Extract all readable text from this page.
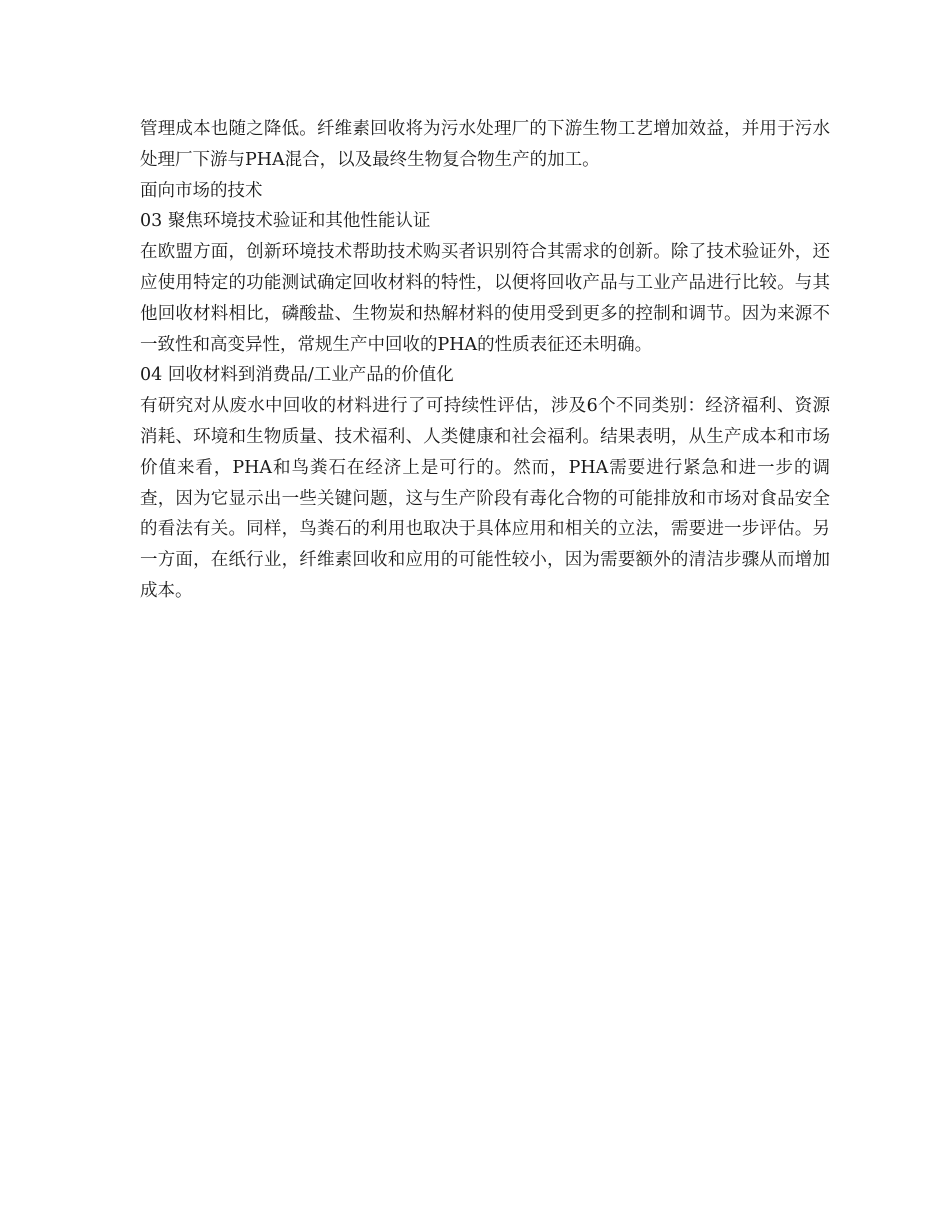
管理成本也随之降低。纤维素回收将为污水处理厂的下游生物工艺增加效益，并用于污水处理厂下游与PHA混合，以及最终生物复合物生产的加工。

面向市场的技术

03 聚焦环境技术验证和其他性能认证

在欧盟方面，创新环境技术帮助技术购买者识别符合其需求的创新。除了技术验证外，还应使用特定的功能测试确定回收材料的特性，以便将回收产品与工业产品进行比较。与其他回收材料相比，磷酸盐、生物炭和热解材料的使用受到更多的控制和调节。因为来源不一致性和高变异性，常规生产中回收的PHA的性质表征还未明确。

04 回收材料到消费品/工业产品的价值化

有研究对从废水中回收的材料进行了可持续性评估，涉及6个不同类别：经济福利、资源消耗、环境和生物质量、技术福利、人类健康和社会福利。结果表明，从生产成本和市场价值来看，PHA和鸟粪石在经济上是可行的。然而，PHA需要进行紧急和进一步的调查，因为它显示出一些关键问题，这与生产阶段有毒化合物的可能排放和市场对食品安全的看法有关。同样，鸟粪石的利用也取决于具体应用和相关的立法，需要进一步评估。另一方面，在纸行业，纤维素回收和应用的可能性较小，因为需要额外的清洁步骤从而增加成本。
